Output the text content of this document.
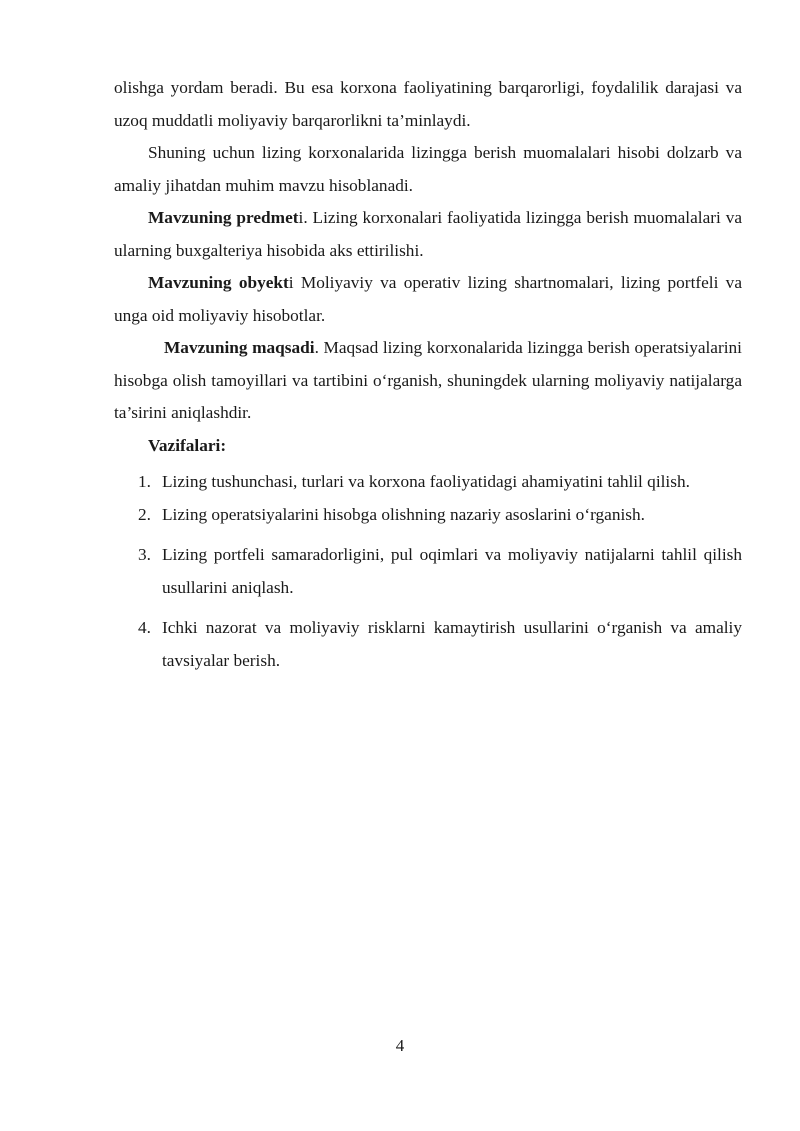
olishga yordam beradi. Bu esa korxona faoliyatining barqarorligi, foydalilik darajasi va uzoq muddatli moliyaviy barqarorlikni ta’minlaydi.

Shuning uchun lizing korxonalarida lizingga berish muomalalari hisobi dolzarb va amaliy jihatdan muhim mavzu hisoblanadi.

Mavzuning predmeti. Lizing korxonalari faoliyatida lizingga berish muomalalari va ularning buxgalteriya hisobida aks ettirilishi.

Mavzuning obyekti Moliyaviy va operativ lizing shartnomalari, lizing portfeli va unga oid moliyaviy hisobotlar.

Mavzuning maqsadi. Maqsad lizing korxonalarida lizingga berish operatsiyalarini hisobga olish tamoyillari va tartibini o‘rganish, shuningdek ularning moliyaviy natijalarga ta’sirini aniqlashdir.

Vazifalari:
1. Lizing tushunchasi, turlari va korxona faoliyatidagi ahamiyatini tahlil qilish.
2. Lizing operatsiyalarini hisobga olishning nazariy asoslarini o‘rganish.
3. Lizing portfeli samaradorligini, pul oqimlari va moliyaviy natijalarni tahlil qilish usullarini aniqlash.
4. Ichki nazorat va moliyaviy risklarni kamaytirish usullarini o‘rganish va amaliy tavsiyalar berish.
4
